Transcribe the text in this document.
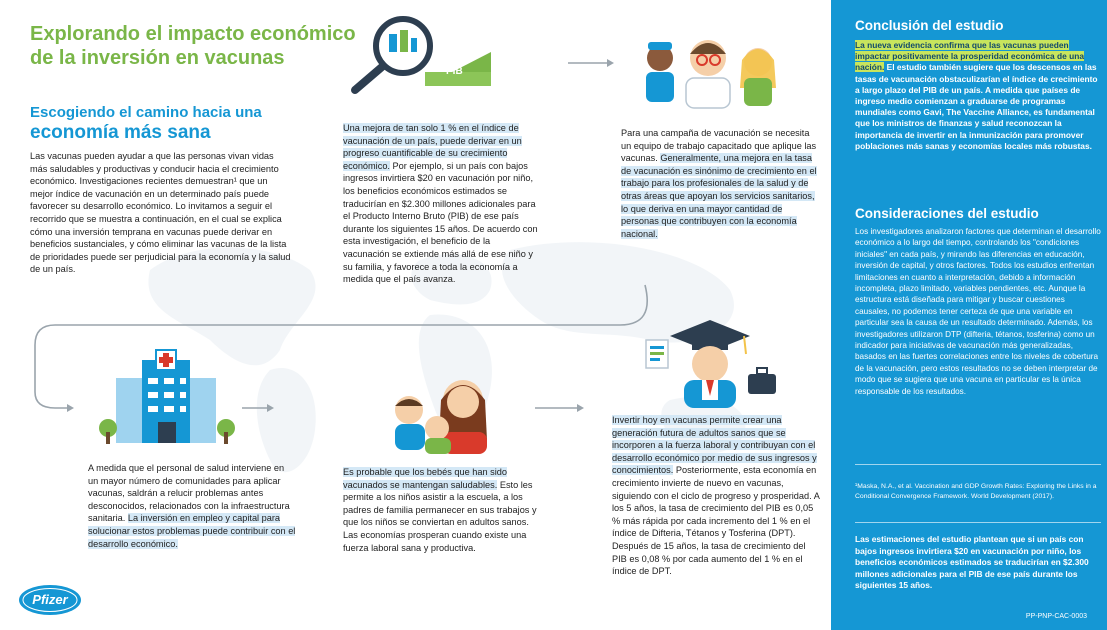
Explorando el impacto económico
de la inversión en vacunas
Escogiendo el camino hacia una
economía más sana
Las vacunas pueden ayudar a que las personas vivan vidas más saludables y productivas y conducir hacia el crecimiento económico. Investigaciones recientes demuestran¹ que un mejor índice de vacunación en un determinado país puede favorecer su desarrollo económico. Lo invitamos a seguir el recorrido que se muestra a continuación, en el cual se explica cómo una inversión temprana en vacunas puede derivar en beneficios sustanciales, y cómo eliminar las vacunas de la lista de prioridades puede ser perjudicial para la economía y la salud de un país.
PIB
Una mejora de tan solo 1 % en el índice de vacunación de un país, puede derivar en un progreso cuantificable de su crecimiento económico. Por ejemplo, si un país con bajos ingresos invirtiera $20 en vacunación por niño, los beneficios económicos estimados se traducirían en $2.300 millones adicionales para el Producto Interno Bruto (PIB) de ese país durante los siguientes 15 años. De acuerdo con esta investigación, el beneficio de la vacunación se extiende más allá de ese niño y su familia, y favorece a toda la economía a medida que el país avanza.
Para una campaña de vacunación se necesita un equipo de trabajo capacitado que aplique las vacunas. Generalmente, una mejora en la tasa de vacunación es sinónimo de crecimiento en el trabajo para los profesionales de la salud y de otras áreas que apoyan los servicios sanitarios, lo que deriva en una mayor cantidad de personas que contribuyen con la economía nacional.
A medida que el personal de salud interviene en un mayor número de comunidades para aplicar vacunas, saldrán a relucir problemas antes desconocidos, relacionados con la infraestructura sanitaria. La inversión en empleo y capital para solucionar estos problemas puede contribuir con el desarrollo económico.
Es probable que los bebés que han sido vacunados se mantengan saludables. Esto les permite a los niños asistir a la escuela, a los padres de familia permanecer en sus trabajos y que los niños se conviertan en adultos sanos. Las economías prosperan cuando existe una fuerza laboral sana y productiva.
Invertir hoy en vacunas permite crear una generación futura de adultos sanos que se incorporen a la fuerza laboral y contribuyan con el desarrollo económico por medio de sus ingresos y conocimientos. Posteriormente, esta economía en crecimiento invierte de nuevo en vacunas, siguiendo con el ciclo de progreso y prosperidad. A los 5 años, la tasa de crecimiento del PIB es 0,05 % más rápida por cada incremento del 1 % en el índice de Difteria, Tétanos y Tosferina (DPT). Después de 15 años, la tasa de crecimiento del PIB es 0,08 % por cada aumento del 1 % en el índice de DPT.
Pfizer
Conclusión del estudio
La nueva evidencia confirma que las vacunas pueden impactar positivamente la prosperidad económica de una nación. El estudio también sugiere que los descensos en las tasas de vacunación obstaculizarían el índice de crecimiento a largo plazo del PIB de un país. A medida que países de ingreso medio comienzan a graduarse de programas mundiales como Gavi, The Vaccine Alliance, es fundamental que los ministros de finanzas y salud reconozcan la importancia de invertir en la inmunización para promover poblaciones más sanas y economías locales más robustas.
Consideraciones del estudio
Los investigadores analizaron factores que determinan el desarrollo económico a lo largo del tiempo, controlando los "condiciones iniciales" en cada país, y mirando las diferencias en educación, inversión de capital, y otros factores. Todos los estudios enfrentan limitaciones en cuanto a interpretación, debido a información incompleta, plazo limitado, variables pendientes, etc. Aunque la estructura está diseñada para mitigar y buscar cuestiones causales, no podemos tener certeza de que una variable en particular sea la causa de un resultado determinado. Además, los investigadores utilizaron DTP (difteria, tétanos, tosferina) como un indicador para iniciativas de vacunación más generalizadas, basados en las fuertes correlaciones entre los niveles de cobertura de la vacunación, pero estos resultados no se deben interpretar de modo que se sugiera que una vacuna en particular es la única responsable de los resultados.
¹Maska, N.A., et al. Vaccination and GDP Growth Rates: Exploring the Links in a Conditional Convergence Framework. World Development (2017).
Las estimaciones del estudio plantean que si un país con bajos ingresos invirtiera $20 en vacunación por niño, los beneficios económicos estimados se traducirían en $2.300 millones adicionales para el PIB de ese país durante los siguientes 15 años.
PP-PNP-CAC-0003
